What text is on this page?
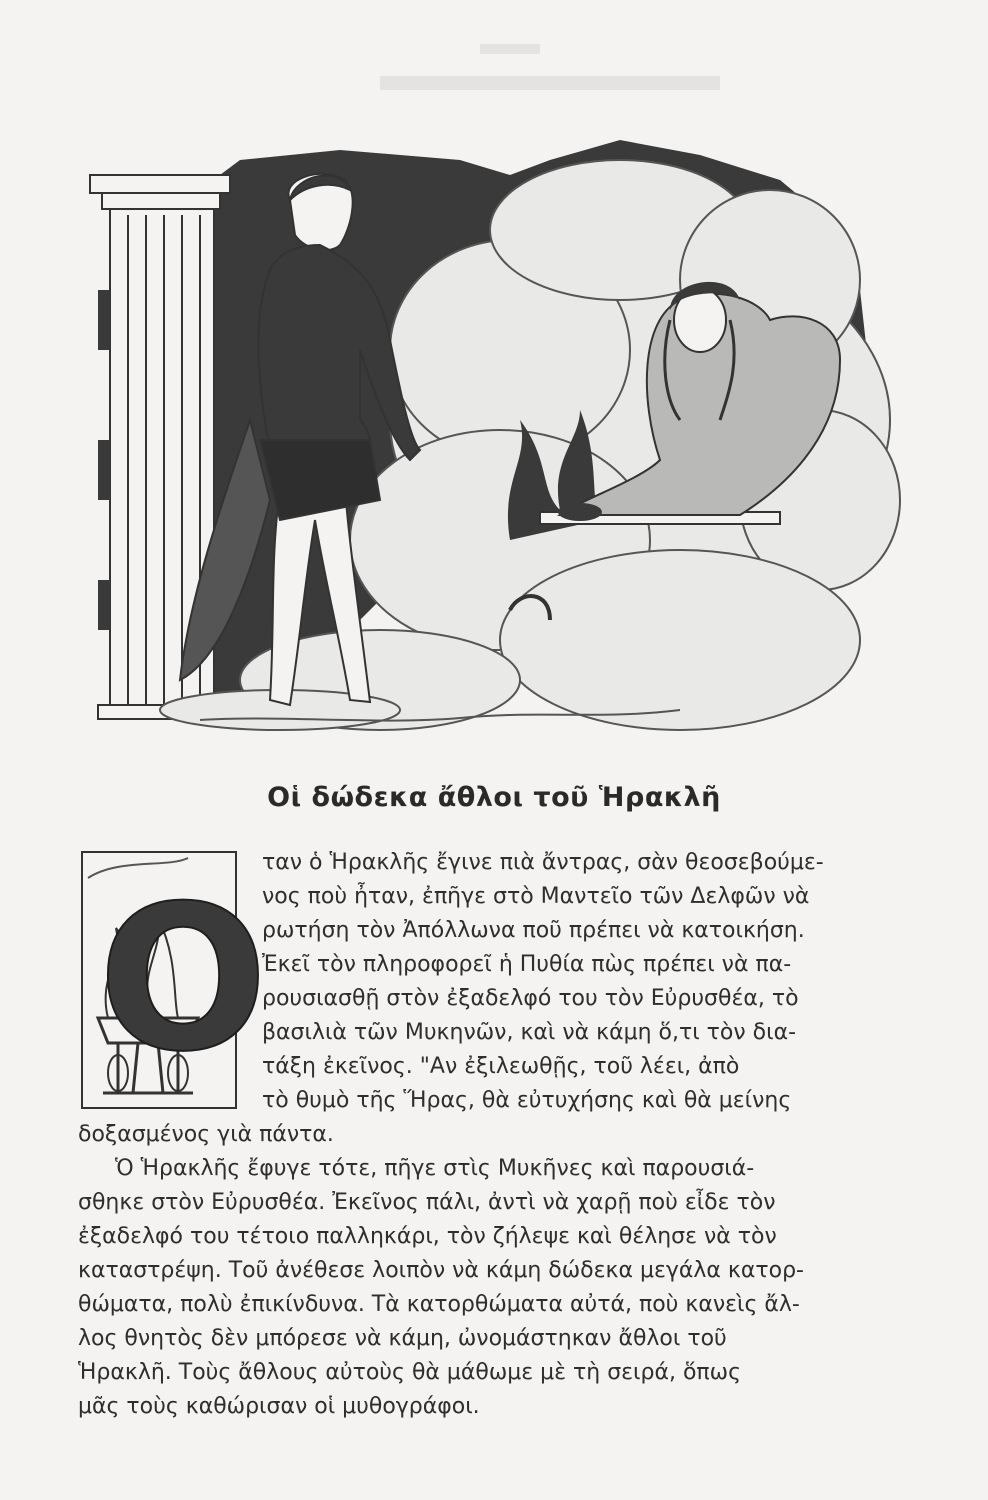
Οἱ δώδεκα ἄθλοι τοῦ Ἡρακλῆ
O
ταν ὁ Ἡρακλῆς ἔγινε πιὰ ἄντρας, σὰν θεοσεβούμε-
νος ποὺ ἦταν, ἐπῆγε στὸ Μαντεῖο τῶν Δελφῶν νὰ
ρωτήση τὸν Ἀπόλλωνα ποῦ πρέπει νὰ κατοικήση.
Ἐκεῖ τὸν πληροφορεῖ ἡ Πυθία πὼς πρέπει νὰ πα-
ρουσιασθῇ στὸν ἐξαδελφό του τὸν Εὐρυσθέα, τὸ
βασιλιὰ τῶν Μυκηνῶν, καὶ νὰ κάμη ὅ,τι τὸν δια-
τάξη ἐκεῖνος. "Αν ἐξιλεωθῇς, τοῦ λέει, ἀπὸ
τὸ θυμὸ τῆς Ἥρας, θὰ εὐτυχήσης καὶ θὰ μείνης
δοξασμένος γιὰ πάντα.
Ὁ Ἡρακλῆς ἔφυγε τότε, πῆγε στὶς Μυκῆνες καὶ παρουσιά-
σθηκε στὸν Εὐρυσθέα. Ἐκεῖνος πάλι, ἀντὶ νὰ χαρῇ ποὺ εἶδε τὸν
ἐξαδελφό του τέτοιο παλληκάρι, τὸν ζήλεψε καὶ θέλησε νὰ τὸν
καταστρέψη. Τοῦ ἀνέθεσε λοιπὸν νὰ κάμη δώδεκα μεγάλα κατορ-
θώματα, πολὺ ἐπικίνδυνα. Τὰ κατορθώματα αὐτά, ποὺ κανεὶς ἄλ-
λος θνητὸς δὲν μπόρεσε νὰ κάμη, ὠνομάστηκαν ἄθλοι τοῦ
Ἡρακλῆ. Τοὺς ἄθλους αὐτοὺς θὰ μάθωμε μὲ τὴ σειρά, ὅπως
μᾶς τοὺς καθώρισαν οἱ μυθογράφοι.
